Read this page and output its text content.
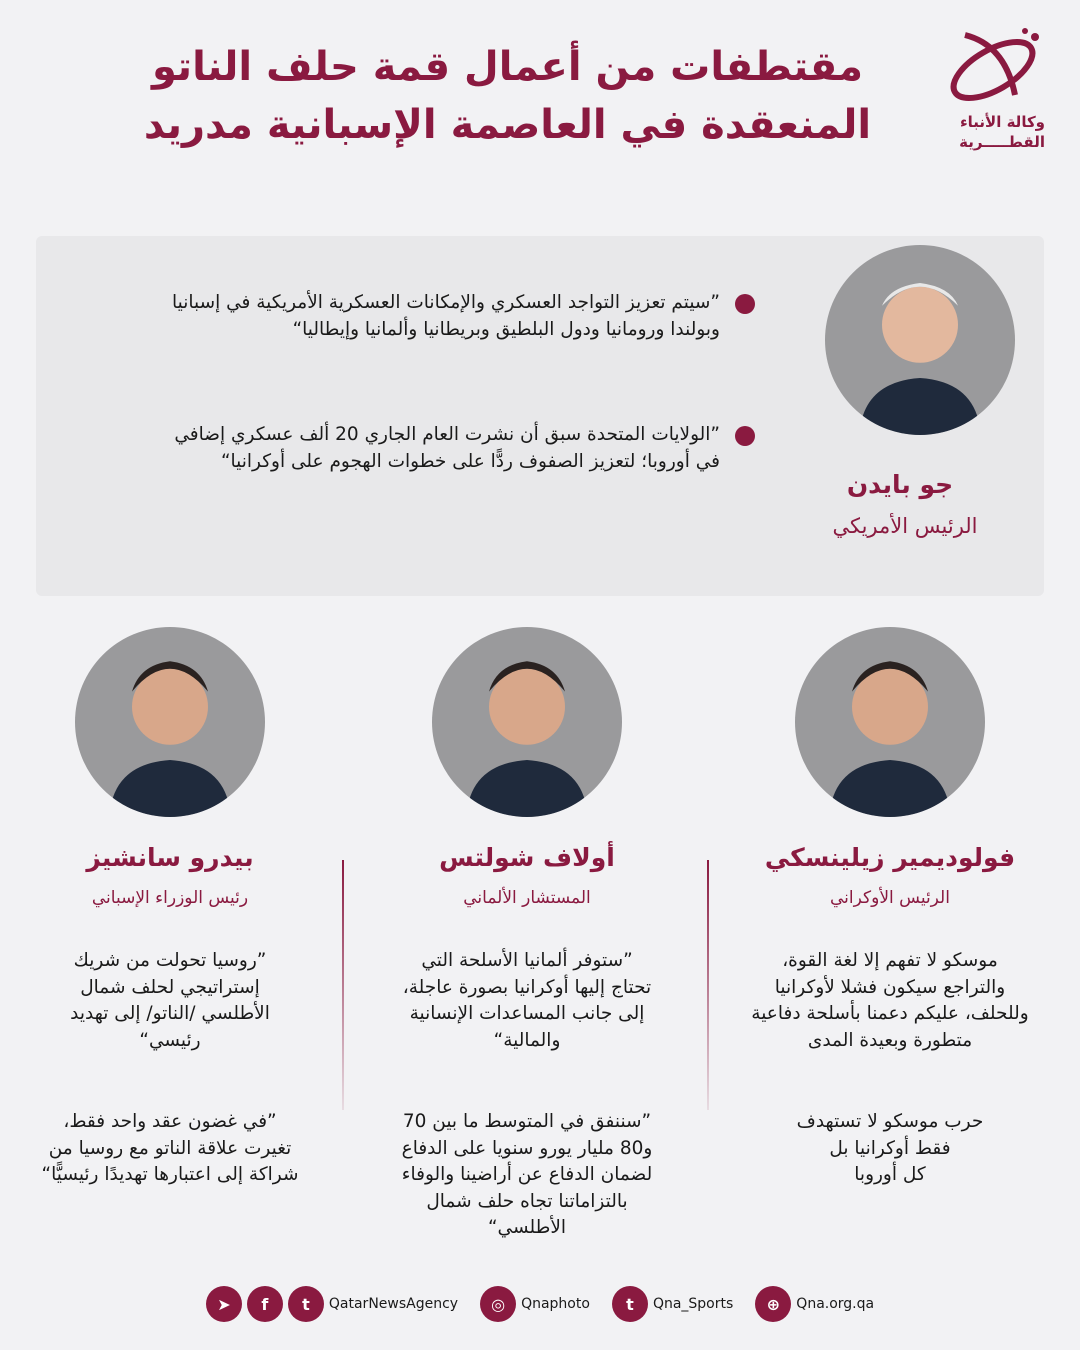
مقتطفات من أعمال قمة حلف الناتو
المنعقدة في العاصمة الإسبانية مدريد	وكالة الأنباء
القطـــــرية
جو بايدن
الرئيس الأمريكي
”سيتم تعزيز التواجد العسكري والإمكانات العسكرية الأمريكية في إسبانيا
وبولندا ورومانيا ودول البلطيق وبريطانيا وألمانيا وإيطاليا“
”الولايات المتحدة سبق أن نشرت العام الجاري 20 ألف عسكري إضافي
في أوروبا؛ لتعزيز الصفوف ردًّا على خطوات الهجوم على أوكرانيا“
فولوديمير زيلينسكي
الرئيس الأوكراني
موسكو لا تفهم إلا لغة القوة،
والتراجع سيكون فشلا لأوكرانيا
وللحلف، عليكم دعمنا بأسلحة دفاعية
متطورة وبعيدة المدى
حرب موسكو لا تستهدف
فقط أوكرانيا بل
كل أوروبا
أولاف شولتس
المستشار الألماني
”ستوفر ألمانيا الأسلحة التي
تحتاج إليها أوكرانيا بصورة عاجلة،
إلى جانب المساعدات الإنسانية
والمالية“
”سننفق في المتوسط ما بين 70
و80 مليار يورو سنويا على الدفاع
لضمان الدفاع عن أراضينا والوفاء
بالتزاماتنا تجاه حلف شمال
الأطلسي“
بيدرو سانشيز
رئيس الوزراء الإسباني
”روسيا تحولت من شريك
إستراتيجي لحلف شمال
الأطلسي /الناتو/ إلى تهديد
رئيسي“
”في غضون عقد واحد فقط،
تغيرت علاقة الناتو مع روسيا من
شراكة إلى اعتبارها تهديدًا رئيسيًّا“
➤	f	t	QatarNewsAgency	◎	Qnaphoto	t	Qna_Sports	⊕	Qna.org.qa
